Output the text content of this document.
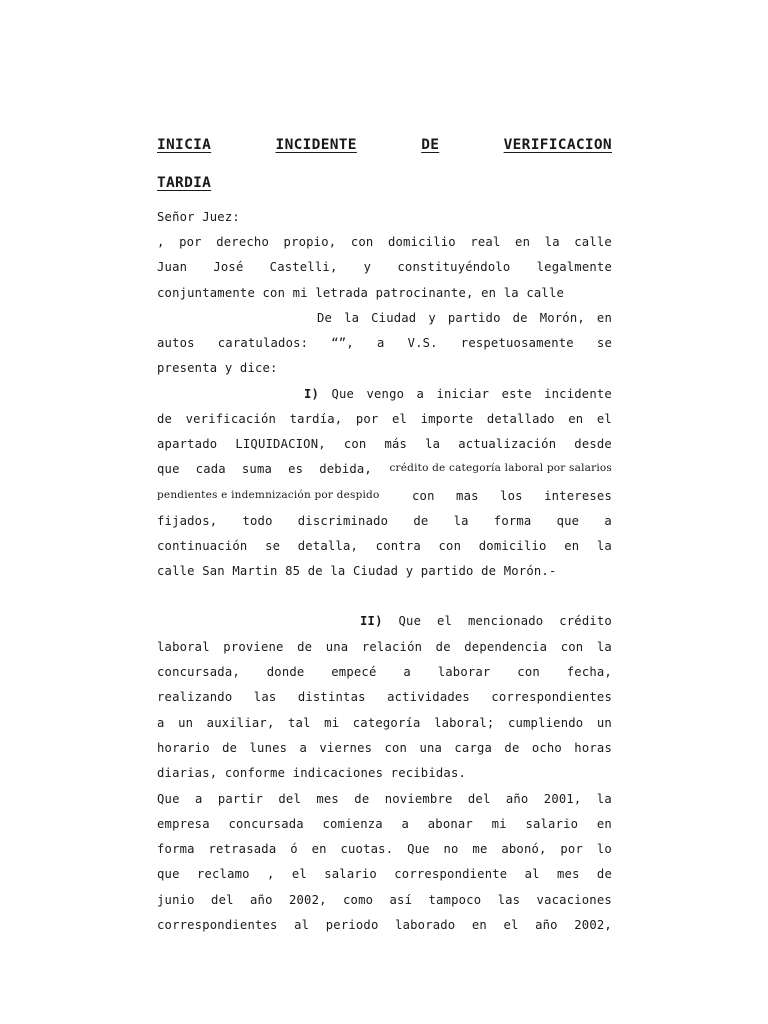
INICIA	INCIDENTE	DE	VERIFICACION
TARDIA
Señor Juez:
, por derecho propio, con domicilio real en la calle
Juan José Castelli, y constituyéndolo legalmente
conjuntamente con mi letrada patrocinante, en la calle
De la Ciudad y partido de Morón, en
autos caratulados: “”, a V.S. respetuosamente se
presenta y dice:
I) Que vengo a iniciar este incidente
de verificación tardía, por el importe detallado en el
apartado LIQUIDACION, con más la actualización desde
que cada suma es debida, crédito de categoría laboral por salarios
pendientes e indemnización por despido	con mas los intereses
fijados, todo discriminado de la forma que a
continuación se detalla, contra con domicilio en la
calle San Martin 85 de la Ciudad y partido de Morón.-
II) Que el mencionado crédito
laboral proviene de una relación de dependencia con la
concursada, donde empecé a laborar con fecha,
realizando las distintas actividades correspondientes
a un auxiliar, tal mi categoría laboral; cumpliendo un
horario de lunes a viernes con una carga de ocho horas
diarias, conforme indicaciones recibidas.
Que a partir del mes de noviembre del año 2001, la
empresa concursada comienza a abonar mi salario en
forma retrasada ó en cuotas. Que no me abonó, por lo
que reclamo , el salario correspondiente al mes de
junio del año 2002, como así tampoco las vacaciones
correspondientes al periodo laborado en el año 2002,
